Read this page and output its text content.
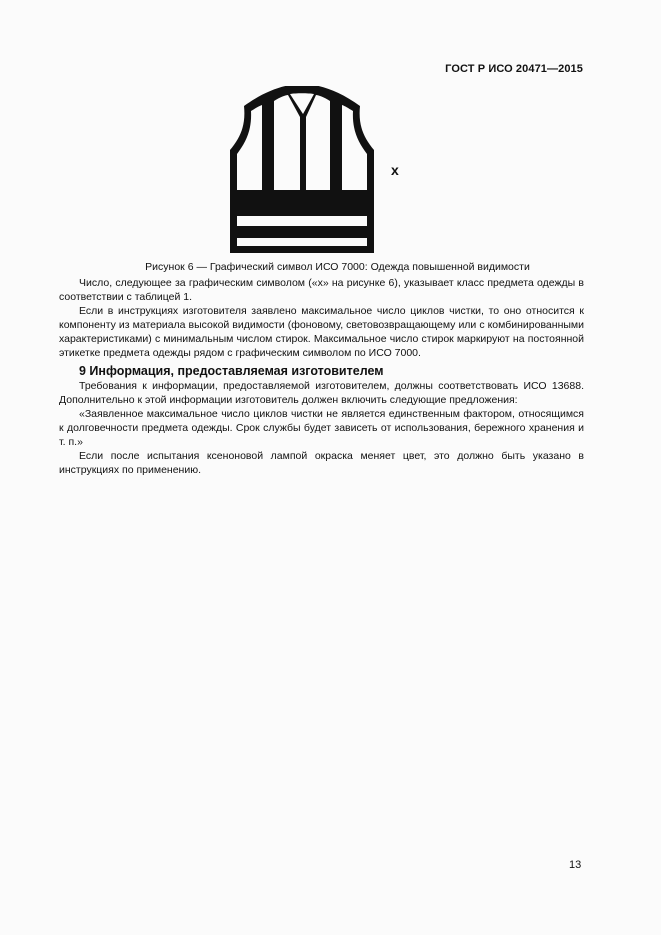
ГОСТ Р ИСО 20471—2015
x
Рисунок 6 — Графический символ ИСО 7000: Одежда повышенной видимости

Число, следующее за графическим символом («x» на рисунке 6), указывает класс предмета одежды в соответствии с таблицей 1.

Если в инструкциях изготовителя заявлено максимальное число циклов чистки, то оно относится к компоненту из материала высокой видимости (фоновому, световозвращающему или с комбинированными характеристиками) с минимальным числом стирок. Максимальное число стирок маркируют на постоянной этикетке предмета одежды рядом с графическим символом по ИСО 7000.

9 Информация, предоставляемая изготовителем

Требования к информации, предоставляемой изготовителем, должны соответствовать ИСО 13688. Дополнительно к этой информации изготовитель должен включить следующие предложения:

«Заявленное максимальное число циклов чистки не является единственным фактором, относящимся к долговечности предмета одежды. Срок службы будет зависеть от использования, бережного хранения и т. п.»

Если после испытания ксеноновой лампой окраска меняет цвет, это должно быть указано в инструкциях по применению.

13
